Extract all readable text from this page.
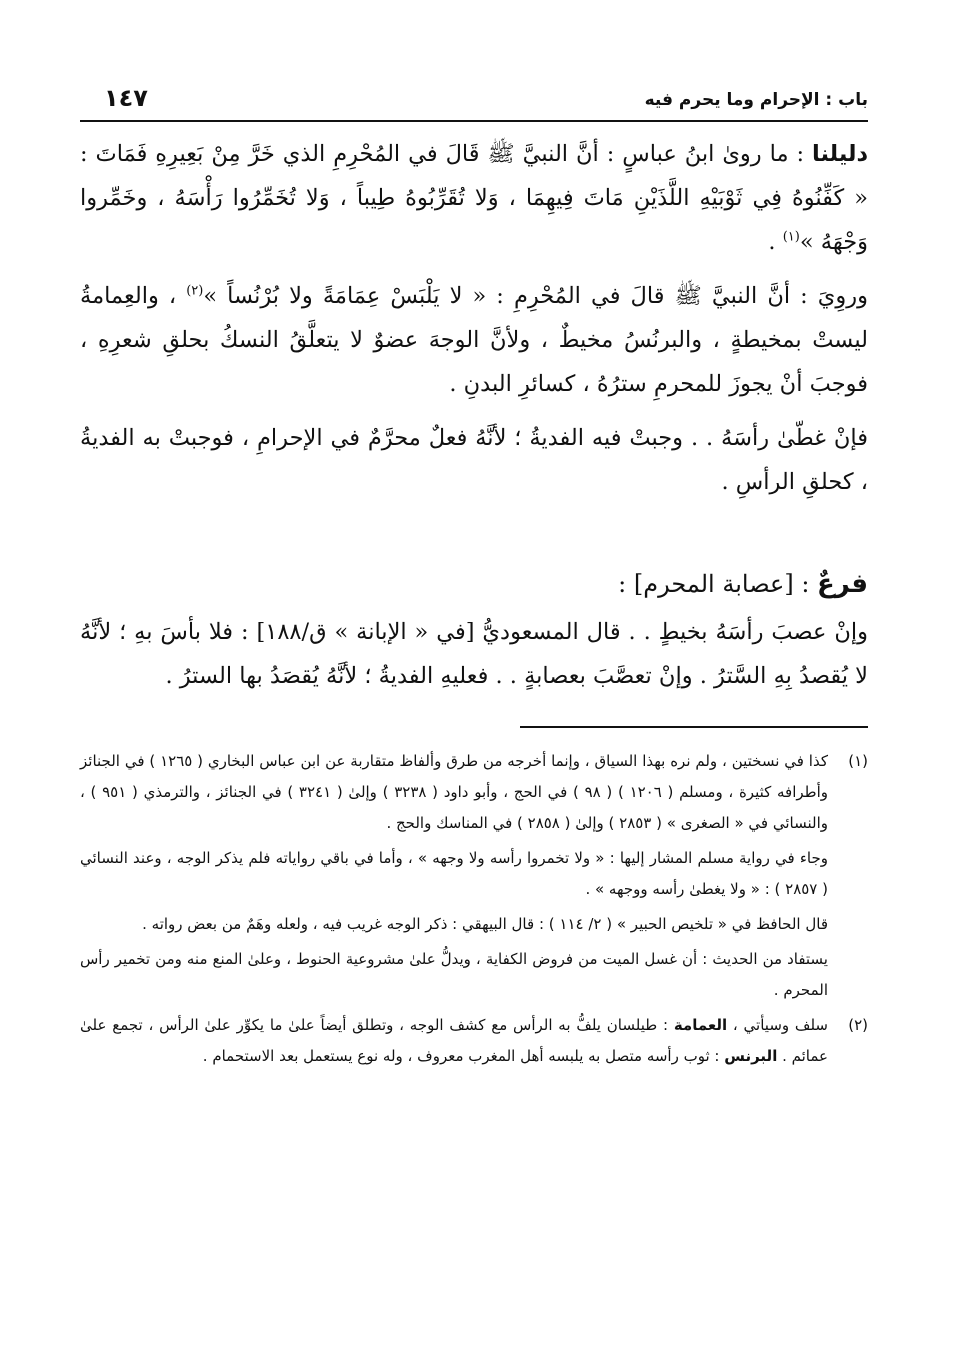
باب : الإحرام وما يحرم فيه
١٤٧

دليلنا : ما روىٰ ابنُ عباسٍ : أنَّ النبيَّ ﷺ قَالَ في المُحْرِمِ الذي خَرَّ مِنْ بَعِيرِهِ فَمَاتَ : « كَفِّنُوهُ فِي ثَوْبَيْهِ اللَّذَيْنِ مَاتَ فِيهِمَا ، وَلا تُقَرِّبُوهُ طِيباً ، وَلا تُخَمِّرُوا رَأْسَهُ ، وخَمِّروا وَجْهَهُ »$^{(١)}$ .

وروِيَ : أنَّ النبيَّ ﷺ قالَ في المُحْرِمِ : « لا يَلْبَسْ عِمَامَةً ولا بُرْنُساً »$^{(٢)}$ ، والعِمامةُ ليستْ بمخيطةٍ ، والبرنُسُ مخيطٌ ، ولأنَّ الوجهَ عضوٌ لا يتعلَّقُ النسكُ بحلقِ شعرِهِ ، فوجبَ أنْ يجوزَ للمحرمِ سترُهُ ، كسائرِ البدنِ .

فإنْ غطّىٰ رأسَهُ . . وجبتْ فيه الفديةُ ؛ لأنَّهُ فعلٌ محرَّمٌ في الإحرامِ ، فوجبتْ به الفديةُ ، كحلقِ الرأسِ .

فرعٌ : [عصابة المحرم] :

وإنْ عصبَ رأسَهُ بخيطٍ . . قال المسعوديُّ [في « الإبانة » ق/١٨٨] : فلا بأسَ بهِ ؛ لأنَّهُ لا يُقصدُ بِهِ السَّترُ . وإنْ تعصَّبَ بعصابةٍ . . فعليهِ الفديةُ ؛ لأنَّهُ يُقصَدُ بها السترُ .

(١)

كذا في نسختين ، ولم نره بهذا السياق ، وإنما أخرجه من طرق وألفاظ متقاربة عن ابن عباس البخاري ( ١٢٦٥ ) في الجنائز وأطرافه كثيرة ، ومسلم ( ١٢٠٦ ) ( ٩٨ ) في الحج ، وأبو داود ( ٣٢٣٨ ) وإلىٰ ( ٣٢٤١ ) في الجنائز ، والترمذي ( ٩٥١ ) ، والنسائي في « الصغرى » ( ٢٨٥٣ ) وإلىٰ ( ٢٨٥٨ ) في المناسك والحج .

وجاء في رواية مسلم المشار إليها : « ولا تخمروا رأسه ولا وجهه » ، وأما في باقي رواياته فلم يذكر الوجه ، وعند النسائي ( ٢٨٥٧ ) : « ولا يغطىٰ رأسه ووجهه » .

قال الحافظ في « تلخيص الحبير » ( ٢/ ١١٤ ) : قال البيهقي : ذكر الوجه غريب فيه ، ولعله وهَمٌ من بعض رواته .

يستفاد من الحديث : أن غسل الميت من فروض الكفاية ، ويدلُّ علىٰ مشروعية الحنوط ، وعلىٰ المنع منه ومن تخمير رأس المحرم .

(٢)

سلف وسيأتي ، العمامة : طيلسان يلفُّ به الرأس مع كشف الوجه ، وتطلق أيضاً علىٰ ما يكوِّر علىٰ الرأس ، تجمع علىٰ عمائم . البرنس : ثوب رأسه متصل به يلبسه أهل المغرب معروف ، وله نوع يستعمل بعد الاستحمام .
